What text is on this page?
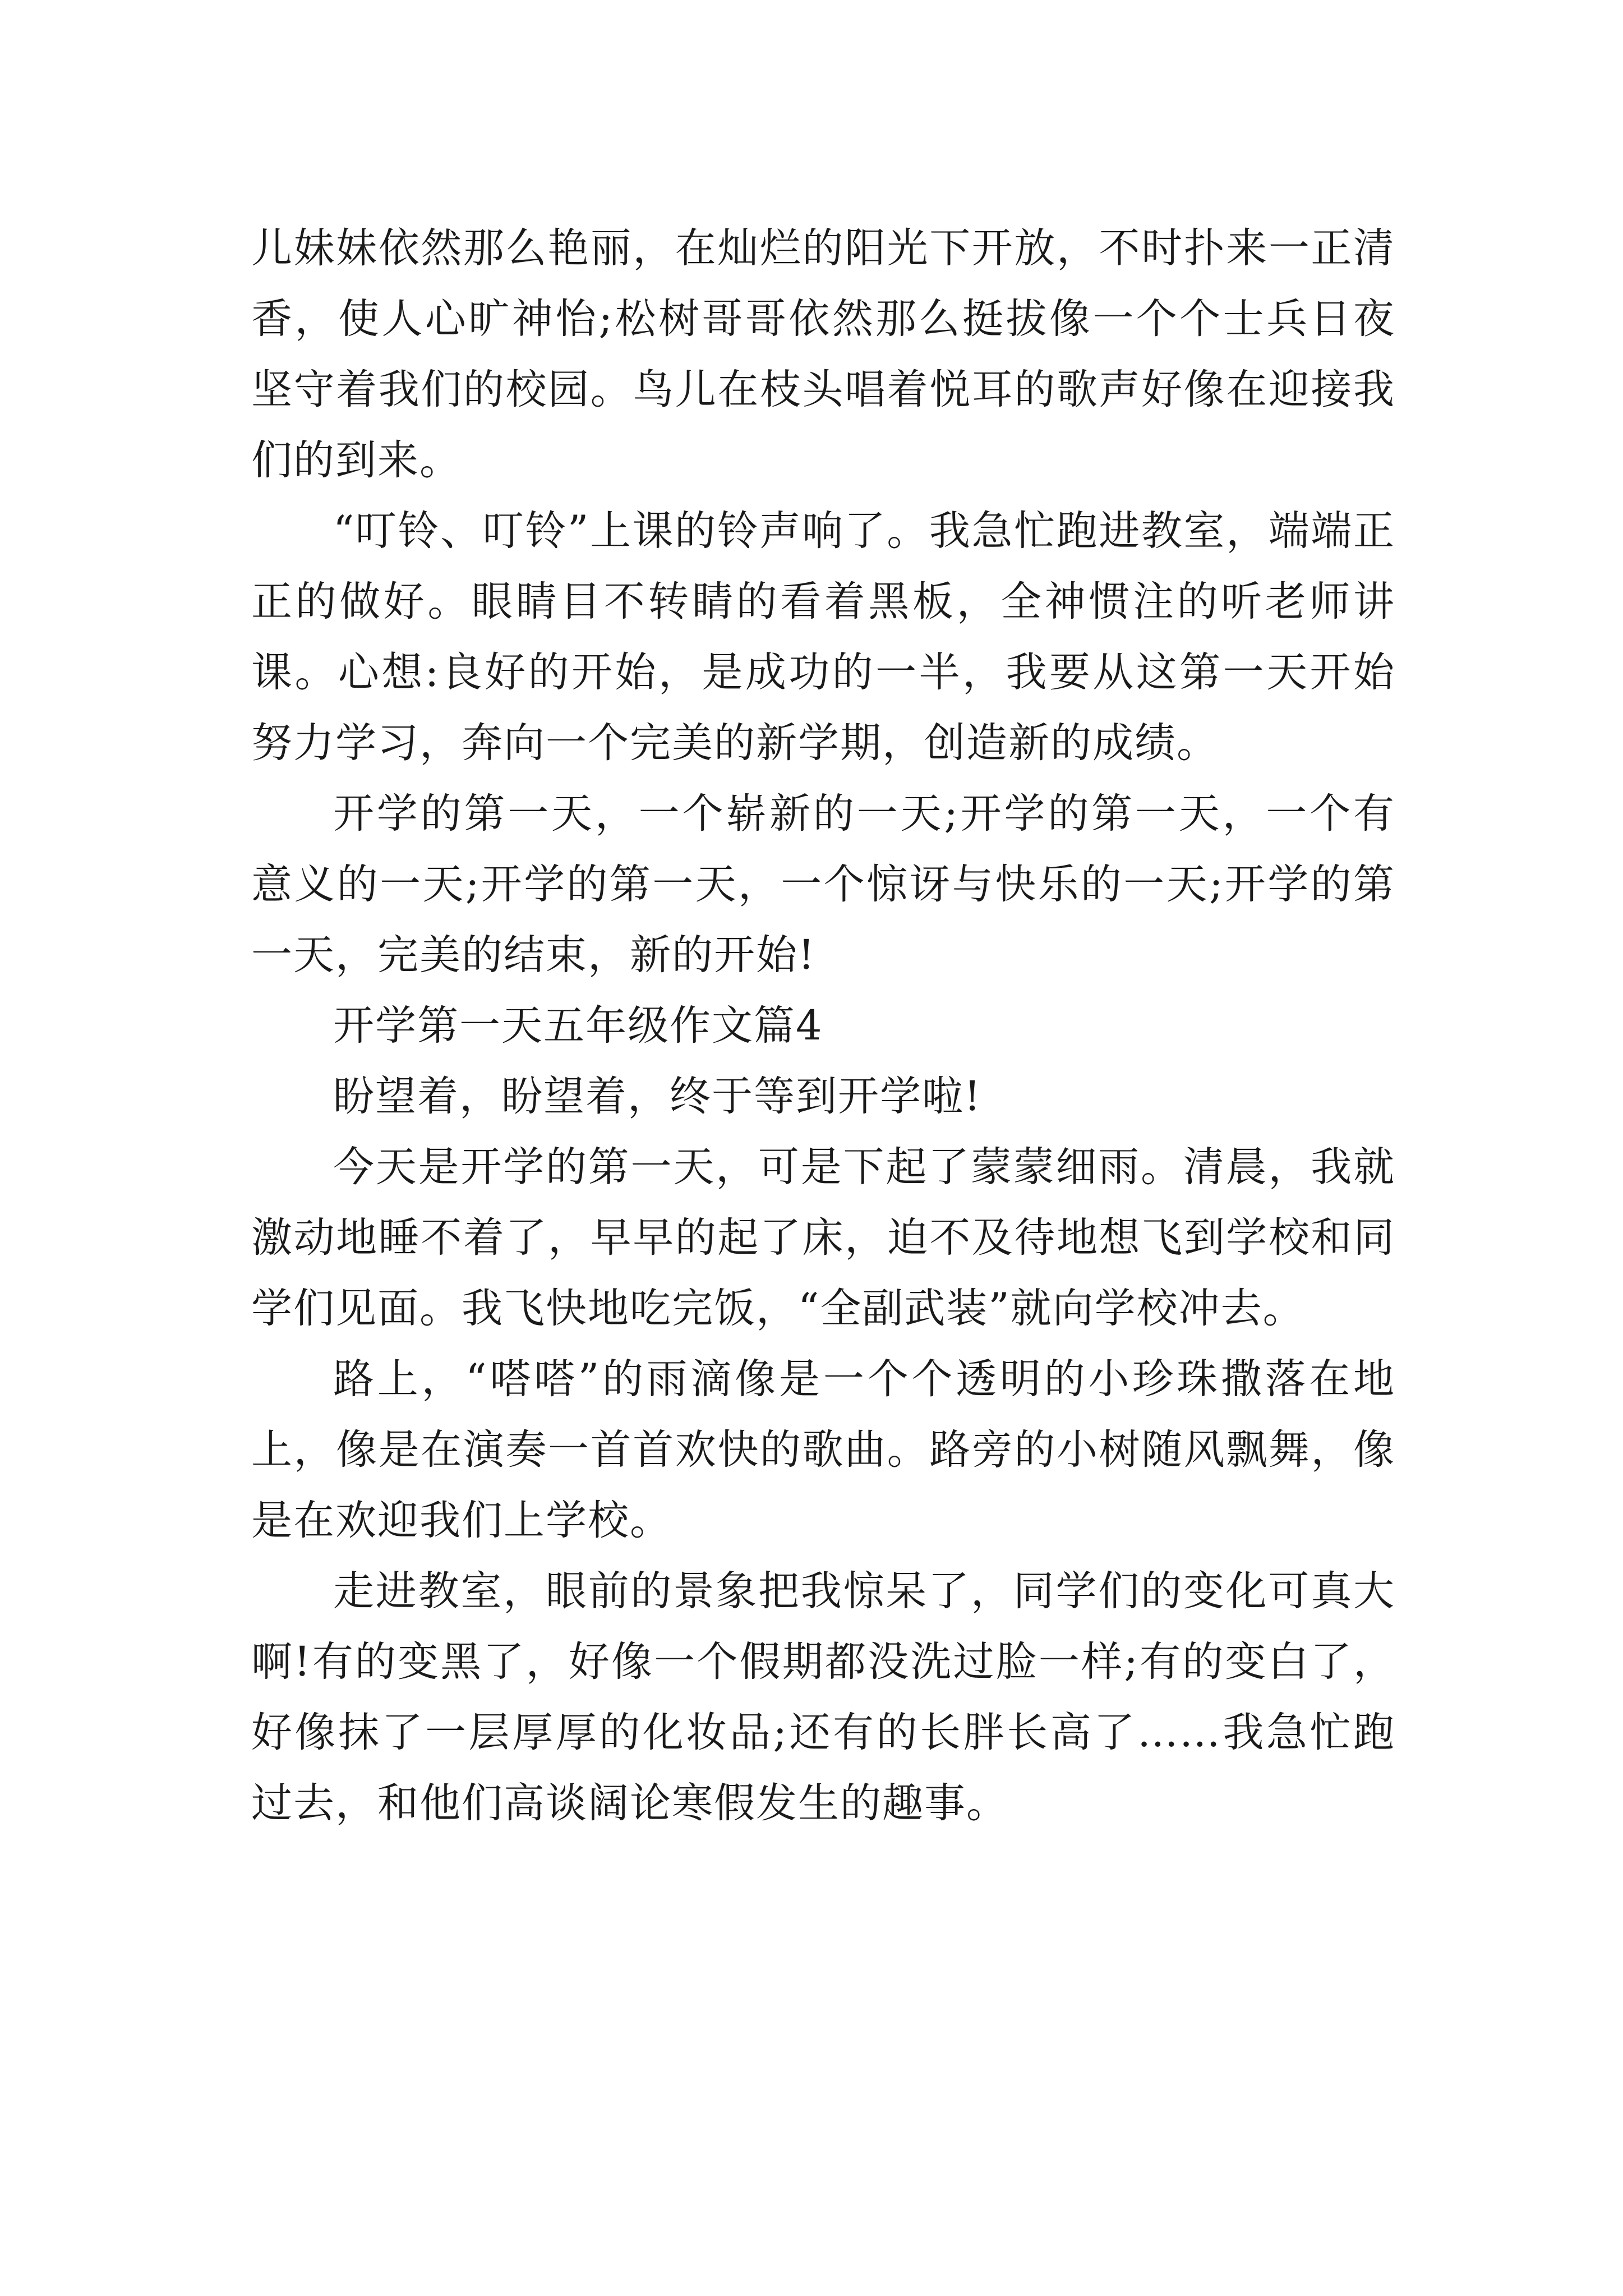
儿妹妹依然那么艳丽，在灿烂的阳光下开放，不时扑来一正清香，使人心旷神怡;松树哥哥依然那么挺拔像一个个士兵日夜坚守着我们的校园。鸟儿在枝头唱着悦耳的歌声好像在迎接我们的到来。

“叮铃、叮铃”上课的铃声响了。我急忙跑进教室，端端正正的做好。眼睛目不转睛的看着黑板，全神惯注的听老师讲课。心想:良好的开始，是成功的一半，我要从这第一天开始努力学习，奔向一个完美的新学期，创造新的成绩。

开学的第一天，一个崭新的一天;开学的第一天，一个有意义的一天;开学的第一天，一个惊讶与快乐的一天;开学的第一天，完美的结束，新的开始!

开学第一天五年级作文篇4

盼望着，盼望着，终于等到开学啦!

今天是开学的第一天，可是下起了蒙蒙细雨。清晨，我就激动地睡不着了，早早的起了床，迫不及待地想飞到学校和同学们见面。我飞快地吃完饭，“全副武装”就向学校冲去。

路上，“嗒嗒”的雨滴像是一个个透明的小珍珠撒落在地上，像是在演奏一首首欢快的歌曲。路旁的小树随风飘舞，像是在欢迎我们上学校。

走进教室，眼前的景象把我惊呆了，同学们的变化可真大啊!有的变黑了，好像一个假期都没洗过脸一样;有的变白了，好像抹了一层厚厚的化妆品;还有的长胖长高了……我急忙跑过去，和他们高谈阔论寒假发生的趣事。
